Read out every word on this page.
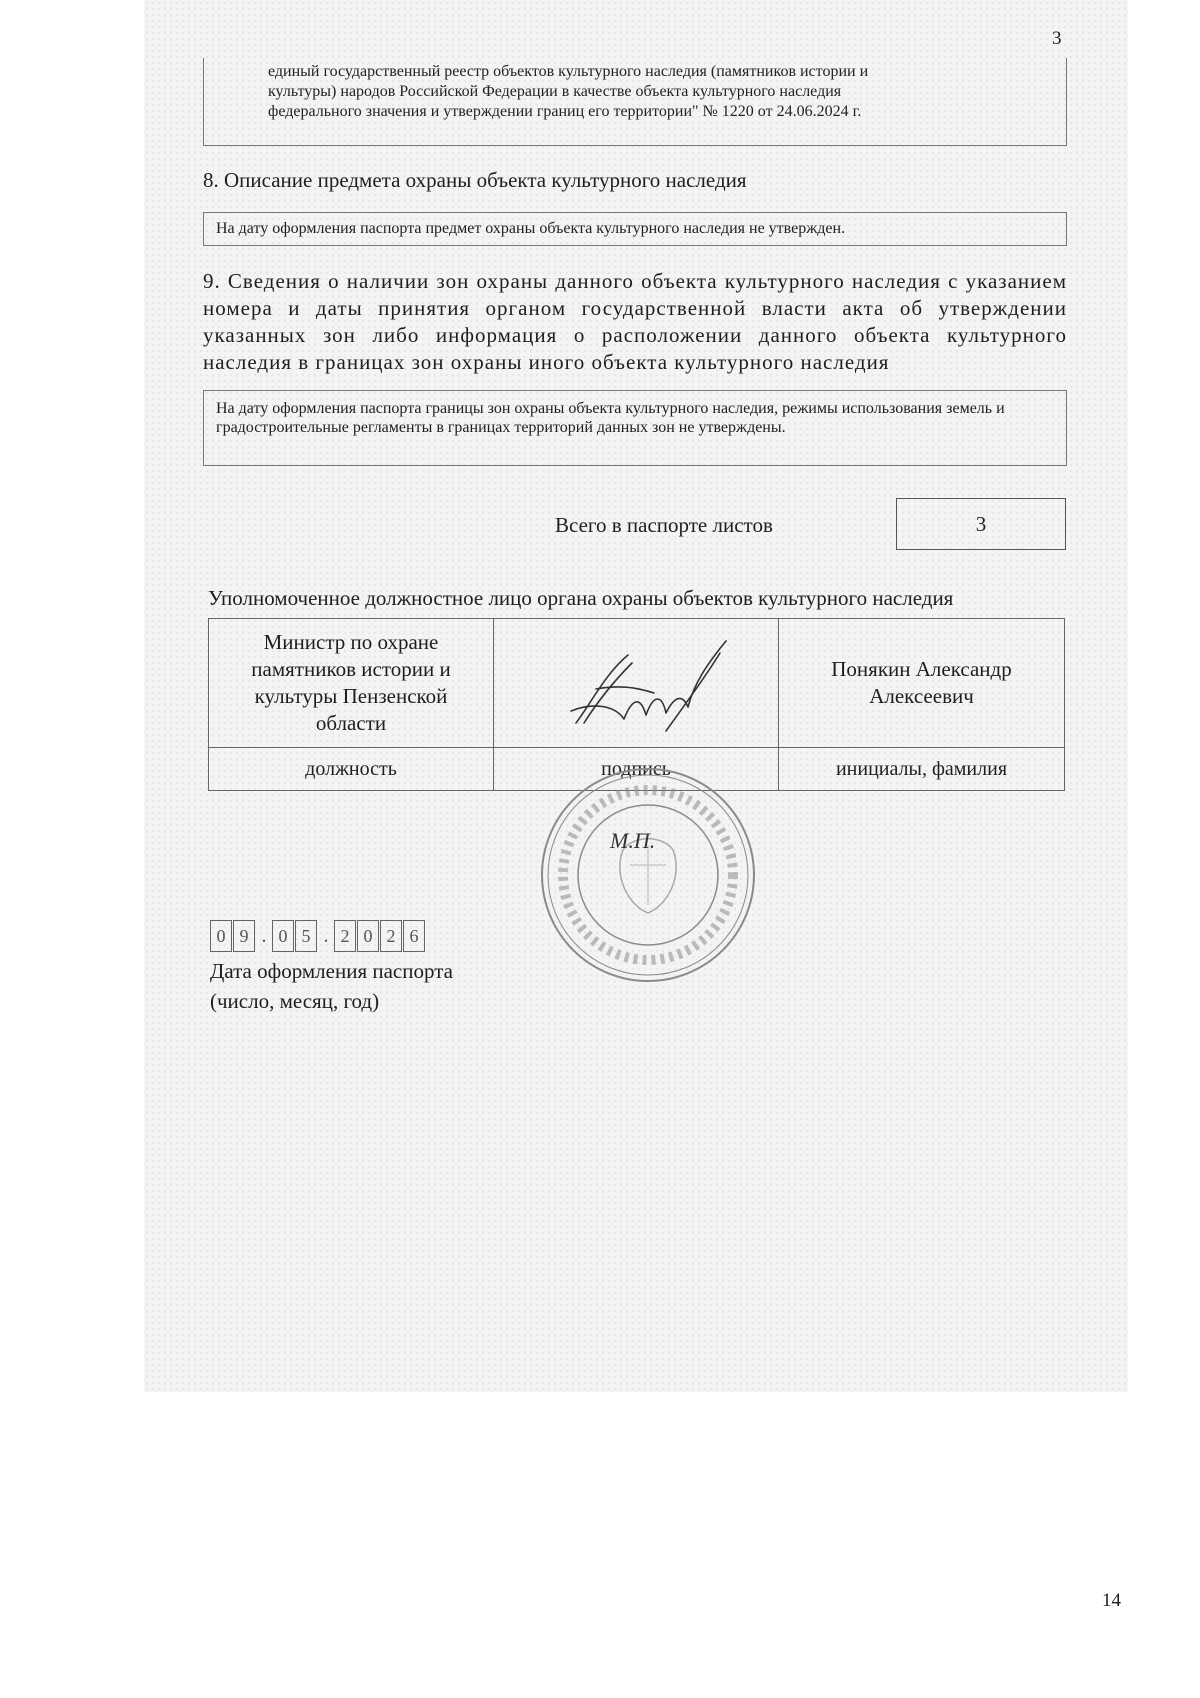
3
единый государственный реестр объектов культурного наследия (памятников истории и
культуры) народов Российской Федерации в качестве объекта культурного наследия
федерального значения и утверждении границ его территории" № 1220 от 24.06.2024 г.
8. Описание предмета охраны объекта культурного наследия
На дату оформления паспорта предмет охраны объекта культурного наследия не утвержден.
9. Сведения о наличии зон охраны данного объекта культурного наследия с указанием номера и даты принятия органом государственной власти акта об утверждении указанных зон либо информация о расположении данного объекта культурного наследия в границах зон охраны иного объекта культурного наследия
На дату оформления паспорта границы зон охраны объекта культурного наследия, режимы использования земель и градостроительные регламенты в границах территорий данных зон не утверждены.
Всего в паспорте листов	3
Уполномоченное должностное лицо органа охраны объектов культурного наследия
Министр по охране памятников истории и культуры Пензенской области		Понякин Александр Алексеевич

должность	подпись	инициалы, фамилия
М.П.
0 9 . 0 5 . 2 0 2 6
Дата оформления паспорта
(число, месяц, год)
14
